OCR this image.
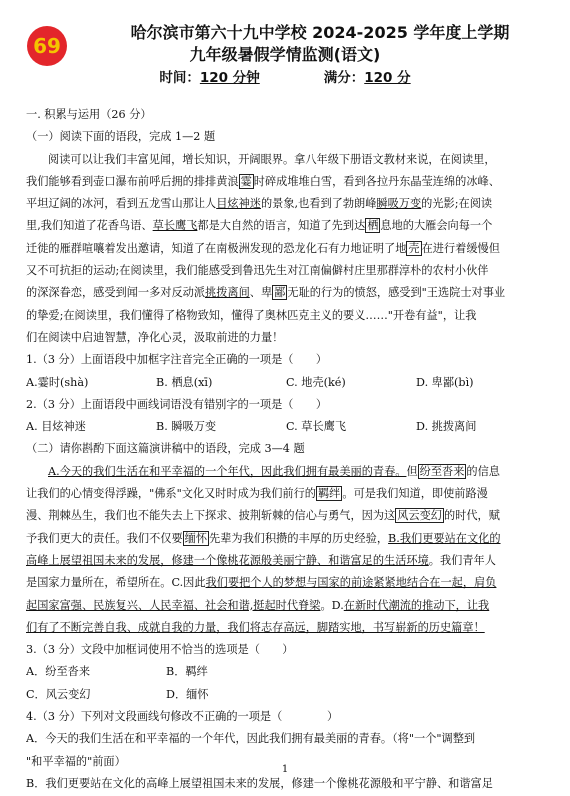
69
哈尔滨市第六十九中学校 2024-2025 学年度上学期
九年级暑假学情监测(语文)
时间：120 分钟	满分：120 分

一. 积累与运用（26 分）

（一）阅读下面的语段，完成 1—2 题

阅读可以让我们丰富见闻，增长知识，开阔眼界。拿八年级下册语文教材来说，在阅读里，

我们能够看到壶口瀑布前呼后拥的排排黄浪 霎 时碎成堆堆白雪，看到各拉丹东晶莹连绵的冰峰、

平坦辽阔的冰河，看到五龙雪山那让人目炫神迷的景象,也看到了勃朗峰瞬吸万变的光影;在阅读

里,我们知道了花香鸟语、草长鹰飞都是大自然的语言，知道了先到达 栖 息地的大雁会向每一个

迁徙的雁群喧嚷着发出邀请，知道了在南极洲发现的恐龙化石有力地证明了地 壳 在进行着缓慢但

又不可抗拒的运动;在阅读里，我们能感受到鲁迅先生对江南偏僻村庄里那群淳朴的农村小伙伴

的深深眷恋，感受到闻一多对反动派挑拨离间、卑 鄙 无耻的行为的愤怒，感受到"王选院士对事业

的挚爱;在阅读里，我们懂得了格物致知，懂得了奥林匹克主义的要义……"开卷有益"，让我

们在阅读中启迪智慧，净化心灵，汲取前进的力量！

1.（3 分）上面语段中加框字注音完全正确的一项是（　　）

A.霎时(shà)	B. 栖息(xī)	C. 地壳(ké)	D. 卑鄙(bì)

2.（3 分）上面语段中画线词语没有错别字的一项是（　　）

A. 目炫神迷	B. 瞬吸万变	C. 草长鹰飞	D. 挑拨离间

（二）请你斟酌下面这篇演讲稿中的语段，完成 3—4 题

A.今天的我们生活在和平幸福的一个年代，因此我们拥有最美丽的青春。但 纷至沓来 的信息

让我们的心情变得浮躁，"佛系"文化又时时成为我们前行的 羁绊 。可是我们知道，即使前路漫

漫、荆棘丛生，我们也不能失去上下探求、披荆斩棘的信心与勇气，因为这 风云变幻 的时代，赋

予我们更大的责任。我们不仅要 缅怀 先辈为我们积攒的丰厚的历史经验，B.我们更要站在文化的

高峰上展望祖国未来的发展，修建一个像桃花源般美丽宁静、和谐富足的生活环境。我们青年人

是国家力量所在，希望所在。C.因此我们要把个人的梦想与国家的前途紧紧地结合在一起，肩负

起国家富强、民族复兴、人民幸福、社会和谐,挺起时代脊梁。D.在新时代潮流的推动下，让我

们有了不断完善自我、成就自我的力量，我们将志存高远，脚踏实地，书写崭新的历史篇章！

3.（3 分）文段中加框词使用不恰当的选项是（　　）

A．纷至沓来	B．羁绊

C．风云变幻	D．缅怀

4.（3 分）下列对文段画线句修改不正确的一项是（　　　　）

A．今天的我们生活在和平幸福的一个年代，因此我们拥有最美丽的青春。（将"一个"调整到

"和平幸福的"前面）

B．我们更要站在文化的高峰上展望祖国未来的发展，修建一个像桃花源般和平宁静、和谐富足

1
